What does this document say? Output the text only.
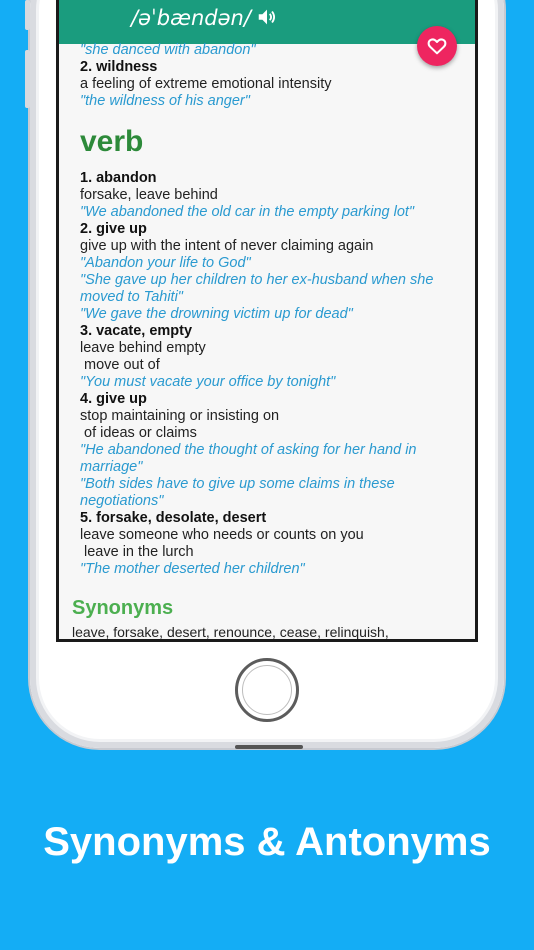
/əˈbændən/
"she danced with abandon"
2. wildness
a feeling of extreme emotional intensity
"the wildness of his anger"
verb
1. abandon
forsake, leave behind
"We abandoned the old car in the empty parking lot"
2. give up
give up with the intent of never claiming again
"Abandon your life to God"
"She gave up her children to her ex-husband when she moved to Tahiti"
"We gave the drowning victim up for dead"
3. vacate, empty
leave behind empty
move out of
"You must vacate your office by tonight"
4. give up
stop maintaining or insisting on
of ideas or claims
"He abandoned the thought of asking for her hand in marriage"
"Both sides have to give up some claims in these negotiations"
5. forsake, desolate, desert
leave someone who needs or counts on you
leave in the lurch
"The mother deserted her children"
Synonyms
leave, forsake, desert, renounce, cease, relinquish,
Synonyms & Antonyms
